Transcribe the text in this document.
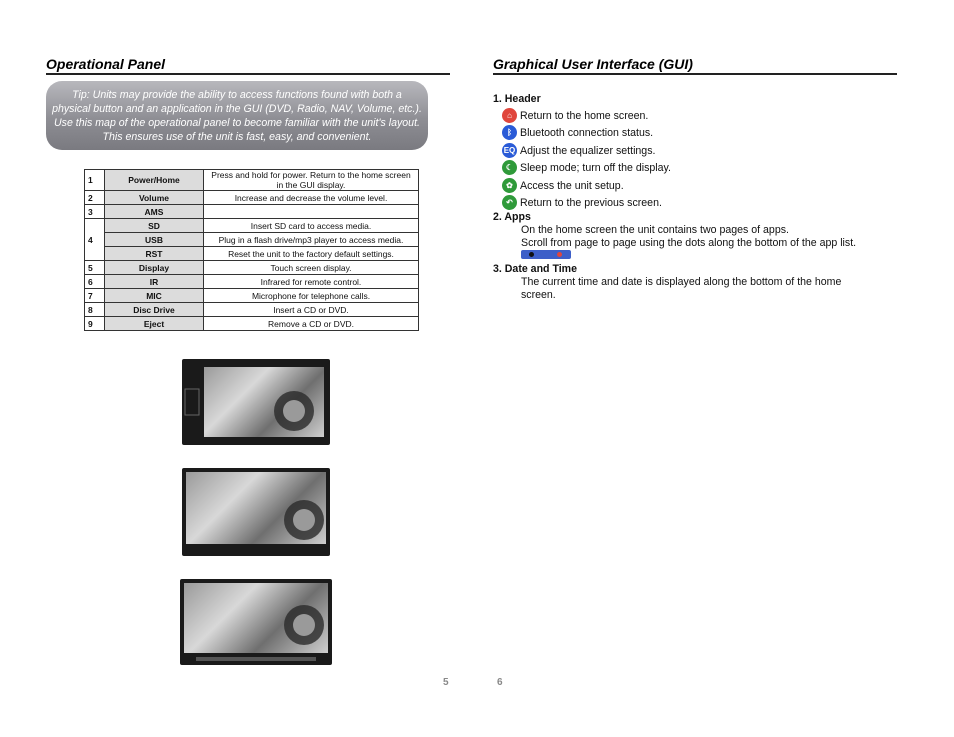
Operational Panel
Tip: Units may provide the ability to access functions found with both a physical button and an application in the GUI (DVD, Radio, NAV, Volume, etc.). Use this map of the operational panel to become familiar with the unit's layout. This ensures use of the unit is fast, easy, and convenient.
1	Power/Home	Press and hold for power. Return to the home screen in the GUI display.
2	Volume	Increase and decrease the volume level.
3	AMS	
4	SD	Insert SD card to access media.
	USB	Plug in a flash drive/mp3 player to access media.
	RST	Reset the unit to the factory default settings.
5	Display	Touch screen display.
6	IR	Infrared for remote control.
7	MIC	Microphone for telephone calls.
8	Disc Drive	Insert a CD or DVD.
9	Eject	Remove a CD or DVD.
5
Graphical User Interface (GUI)
1. Header
⌂ Return to the home screen.
ᛒ Bluetooth connection status.
EQ Adjust the equalizer settings.
☾ Sleep mode; turn off the display.
✿ Access the unit setup.
↶ Return to the previous screen.
2. Apps
On the home screen the unit contains two pages of apps.
Scroll from page to page using the dots along the bottom of the app list.
3. Date and Time
The current time and date is displayed along the bottom of the home
screen.
6
